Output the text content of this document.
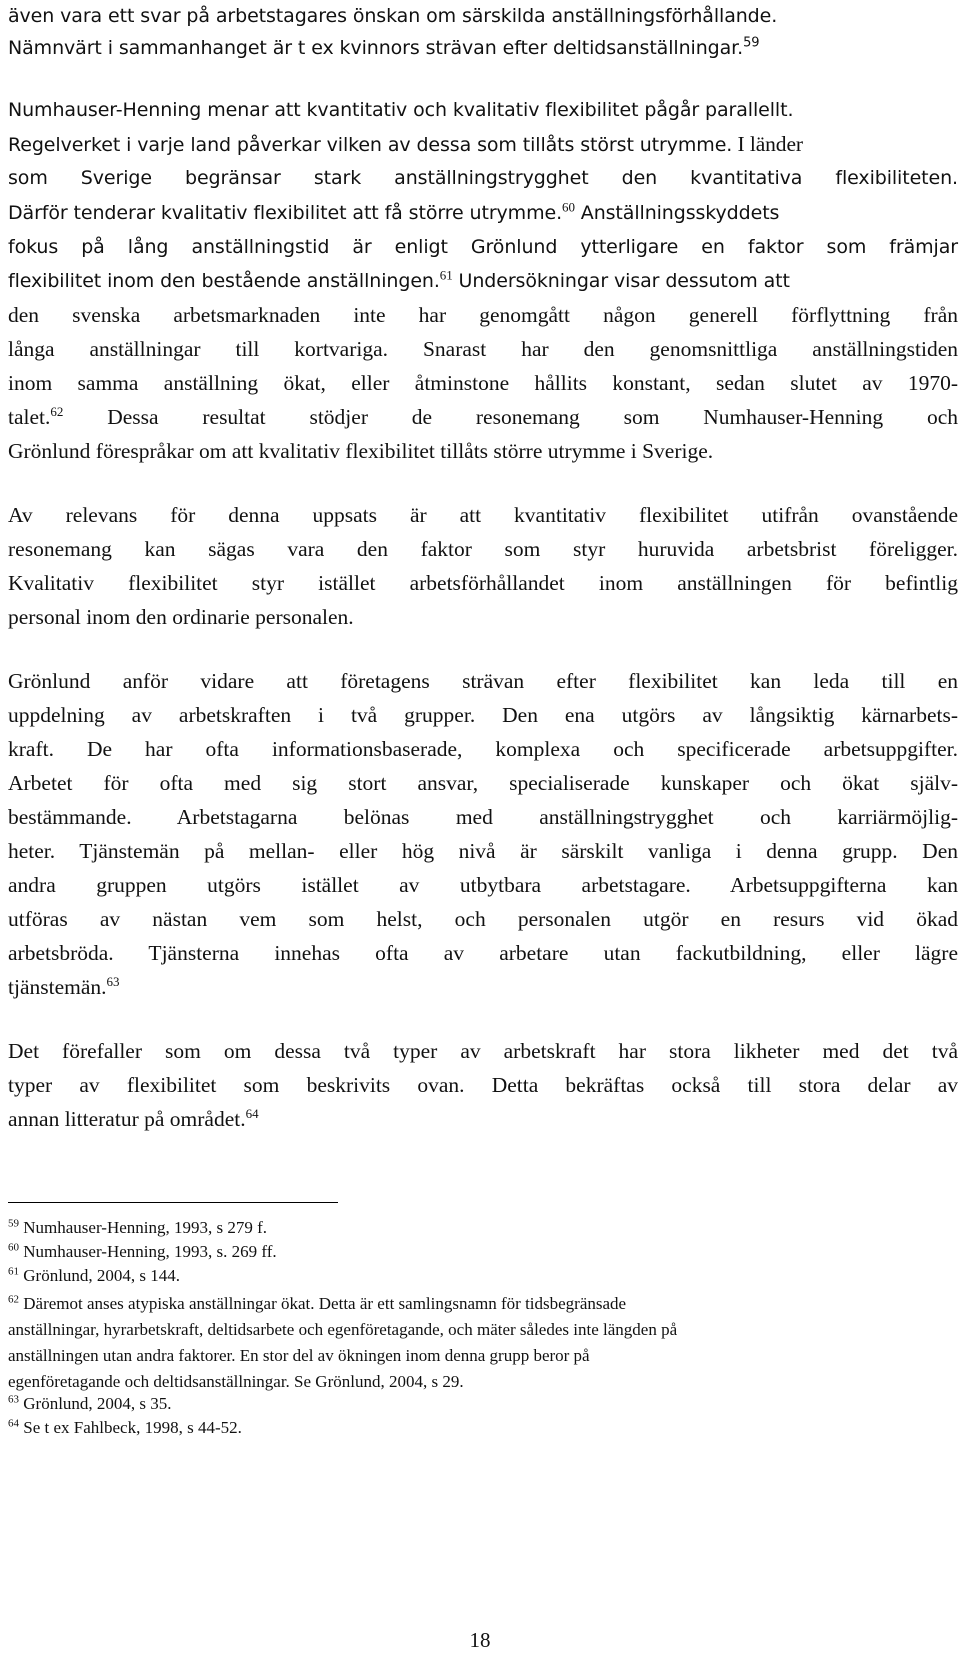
även vara ett svar på arbetstagares önskan om särskilda anställningsförhållande.
Nämnvärt i sammanhanget är t ex kvinnors strävan efter deltidsanställningar.$^{59}$
Numhauser-Henning menar att kvantitativ och kvalitativ flexibilitet pågår parallellt.
Regelverket i varje land påverkar vilken av dessa som tillåts störst utrymme. I länder
som Sverige begränsar stark anställningstrygghet den kvantitativa flexibiliteten.
Därför tenderar kvalitativ flexibilitet att få större utrymme.$^{60}$ Anställningsskyddets
fokus på lång anställningstid är enligt Grönlund ytterligare en faktor som främjar
flexibilitet inom den bestående anställningen.$^{61}$ Undersökningar visar dessutom att
den svenska arbetsmarknaden inte har genomgått någon generell förflyttning från
långa anställningar till kortvariga. Snarast har den genomsnittliga anställningstiden
inom samma anställning ökat, eller åtminstone hållits konstant, sedan slutet av 1970-
talet.$^{62}$ Dessa resultat stödjer de resonemang som Numhauser-Henning och
Grönlund förespråkar om att kvalitativ flexibilitet tillåts större utrymme i Sverige.
Av relevans för denna uppsats är att kvantitativ flexibilitet utifrån ovanstående
resonemang kan sägas vara den faktor som styr huruvida arbetsbrist föreligger.
Kvalitativ flexibilitet styr istället arbetsförhållandet inom anställningen för befintlig
personal inom den ordinarie personalen.
Grönlund anför vidare att företagens strävan efter flexibilitet kan leda till en
uppdelning av arbetskraften i två grupper. Den ena utgörs av långsiktig kärnarbets-
kraft. De har ofta informationsbaserade, komplexa och specificerade arbetsuppgifter.
Arbetet för ofta med sig stort ansvar, specialiserade kunskaper och ökat själv-
bestämmande. Arbetstagarna belönas med anställningstrygghet och karriärmöjlig-
heter. Tjänstemän på mellan- eller hög nivå är särskilt vanliga i denna grupp. Den
andra gruppen utgörs istället av utbytbara arbetstagare. Arbetsuppgifterna kan
utföras av nästan vem som helst, och personalen utgör en resurs vid ökad
arbetsbröda. Tjänsterna innehas ofta av arbetare utan fackutbildning, eller lägre
tjänstemän.$^{63}$
Det förefaller som om dessa två typer av arbetskraft har stora likheter med det två
typer av flexibilitet som beskrivits ovan. Detta bekräftas också till stora delar av
annan litteratur på området.$^{64}$
$^{59}$ Numhauser-Henning, 1993, s 279 f.
$^{60}$ Numhauser-Henning, 1993, s. 269 ff.
$^{61}$ Grönlund, 2004, s 144.
$^{62}$ Däremot anses atypiska anställningar ökat. Detta är ett samlingsnamn för tidsbegränsade
anställningar, hyrarbetskraft, deltidsarbete och egenföretagande, och mäter således inte längden på
anställningen utan andra faktorer. En stor del av ökningen inom denna grupp beror på
egenföretagande och deltidsanställningar. Se Grönlund, 2004, s 29.
$^{63}$ Grönlund, 2004, s 35.
$^{64}$ Se t ex Fahlbeck, 1998, s 44-52.
18
